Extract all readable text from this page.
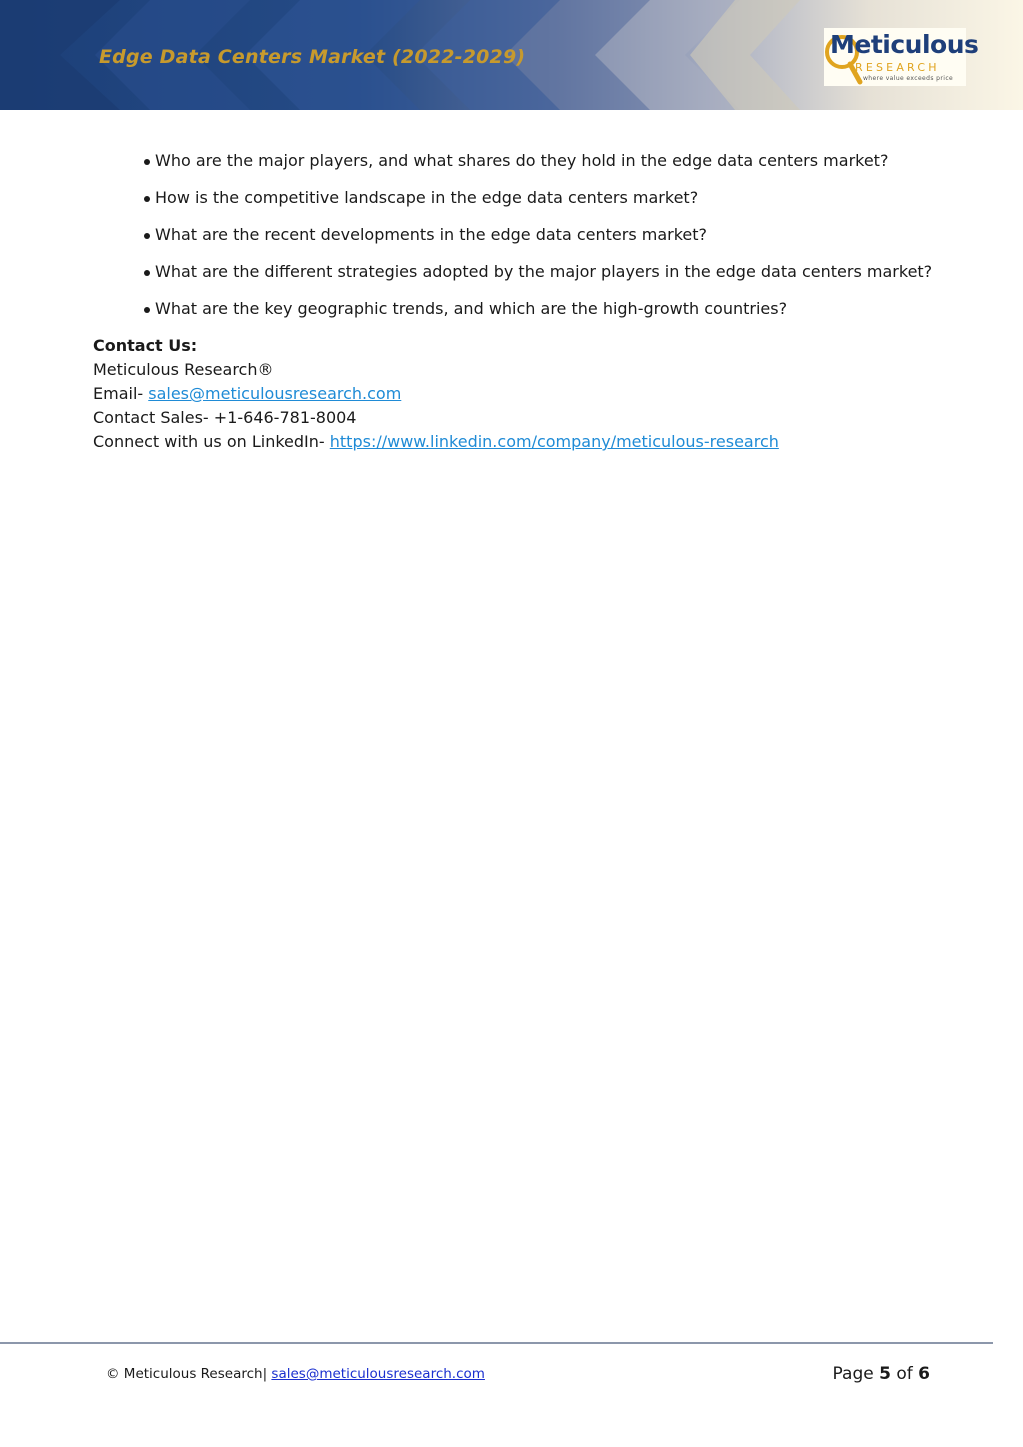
Edge Data Centers Market (2022-2029)	Meticulous
RESEARCH
where value exceeds price
Who are the major players, and what shares do they hold in the edge data centers market?
How is the competitive landscape in the edge data centers market?
What are the recent developments in the edge data centers market?
What are the different strategies adopted by the major players in the edge data centers market?
What are the key geographic trends, and which are the high-growth countries?
Contact Us:
Meticulous Research®
Email- sales@meticulousresearch.com
Contact Sales- +1-646-781-8004
Connect with us on LinkedIn- https://www.linkedin.com/company/meticulous-research
© Meticulous Research| sales@meticulousresearch.com	Page 5 of 6
